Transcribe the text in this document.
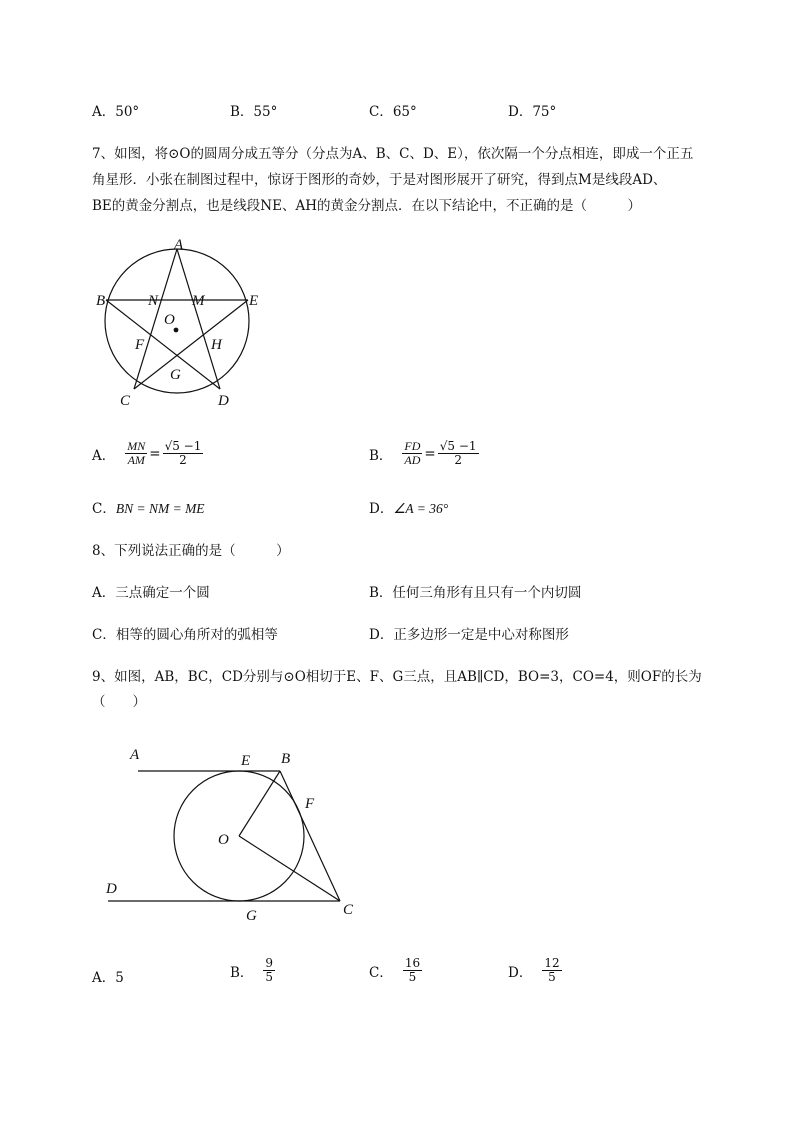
A．50°	B．55°	C．65°	D．75°
7、如图，将⊙O的圆周分成五等分（分点为A、B、C、D、E），依次隔一个分点相连，即成一个正五
角星形．小张在制图过程中，惊讶于图形的奇妙，于是对图形展开了研究，得到点M是线段AD、
BE的黄金分割点，也是线段NE、AH的黄金分割点．在以下结论中，不正确的是（　　　）
A
B	E
N M
O
F	H
G
C	D
A． $\frac{MN}{AM} = \frac{√5 -1}{2}$	B． $\frac{FD}{AD} = \frac{√5 -1}{2}$
C．BN = NM = ME	D．∠A = 36°
8、下列说法正确的是（　　　）
A．三点确定一个圆	B．任何三角形有且只有一个内切圆
C．相等的圆心角所对的弧相等	D．正多边形一定是中心对称图形
9、如图，AB，BC，CD分别与⊙O相切于E、F、G三点，且AB∥CD，BO=3，CO=4，则OF的长为
（　　）
A	E B
F
O
D
G	C
A．5	B． $\frac{9}{5}$	C． $\frac{16}{5}$	D． $\frac{12}{5}$
